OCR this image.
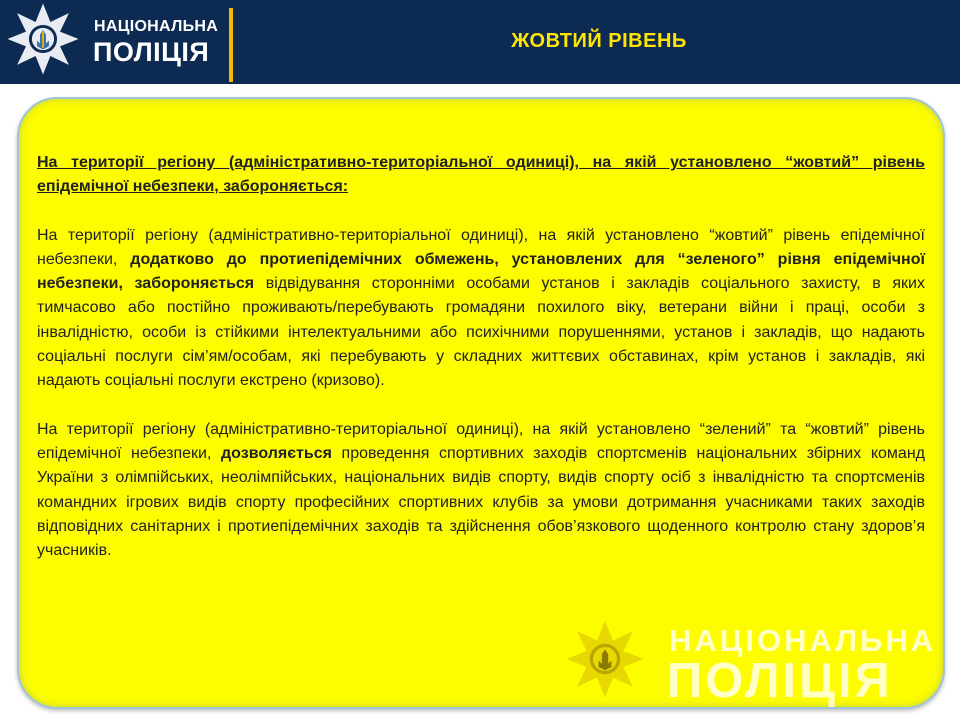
НАЦІОНАЛЬНА
ПОЛІЦІЯ	ЖОВТИЙ РІВЕНЬ

На території регіону (адміністративно-територіальної одиниці), на якій установлено “жовтий” рівень епідемічної небезпеки, забороняється:

На території регіону (адміністративно-територіальної одиниці), на якій установлено “жовтий” рівень епідемічної небезпеки, додатково до протиепідемічних обмежень, установлених для “зеленого” рівня епідемічної небезпеки, забороняється відвідування сторонніми особами установ і закладів соціального захисту, в яких тимчасово або постійно проживають/перебувають громадяни похилого віку, ветерани війни і праці, особи з інвалідністю, особи із стійкими інтелектуальними або психічними порушеннями, установ і закладів, що надають соціальні послуги сім’ям/особам, які перебувають у складних життєвих обставинах, крім установ і закладів, які надають соціальні послуги екстрено (кризово).

На території регіону (адміністративно-територіальної одиниці), на якій установлено “зелений” та “жовтий” рівень епідемічної небезпеки, дозволяється проведення спортивних заходів спортсменів національних збірних команд України з олімпійських, неолімпійських, національних видів спорту, видів спорту осіб з інвалідністю та спортсменів командних ігрових видів спорту професійних спортивних клубів за умови дотримання учасниками таких заходів відповідних санітарних і протиепідемічних заходів та здійснення обов’язкового щоденного контролю стану здоров’я учасників.

НАЦІОНАЛЬНА
ПОЛІЦІЯ
